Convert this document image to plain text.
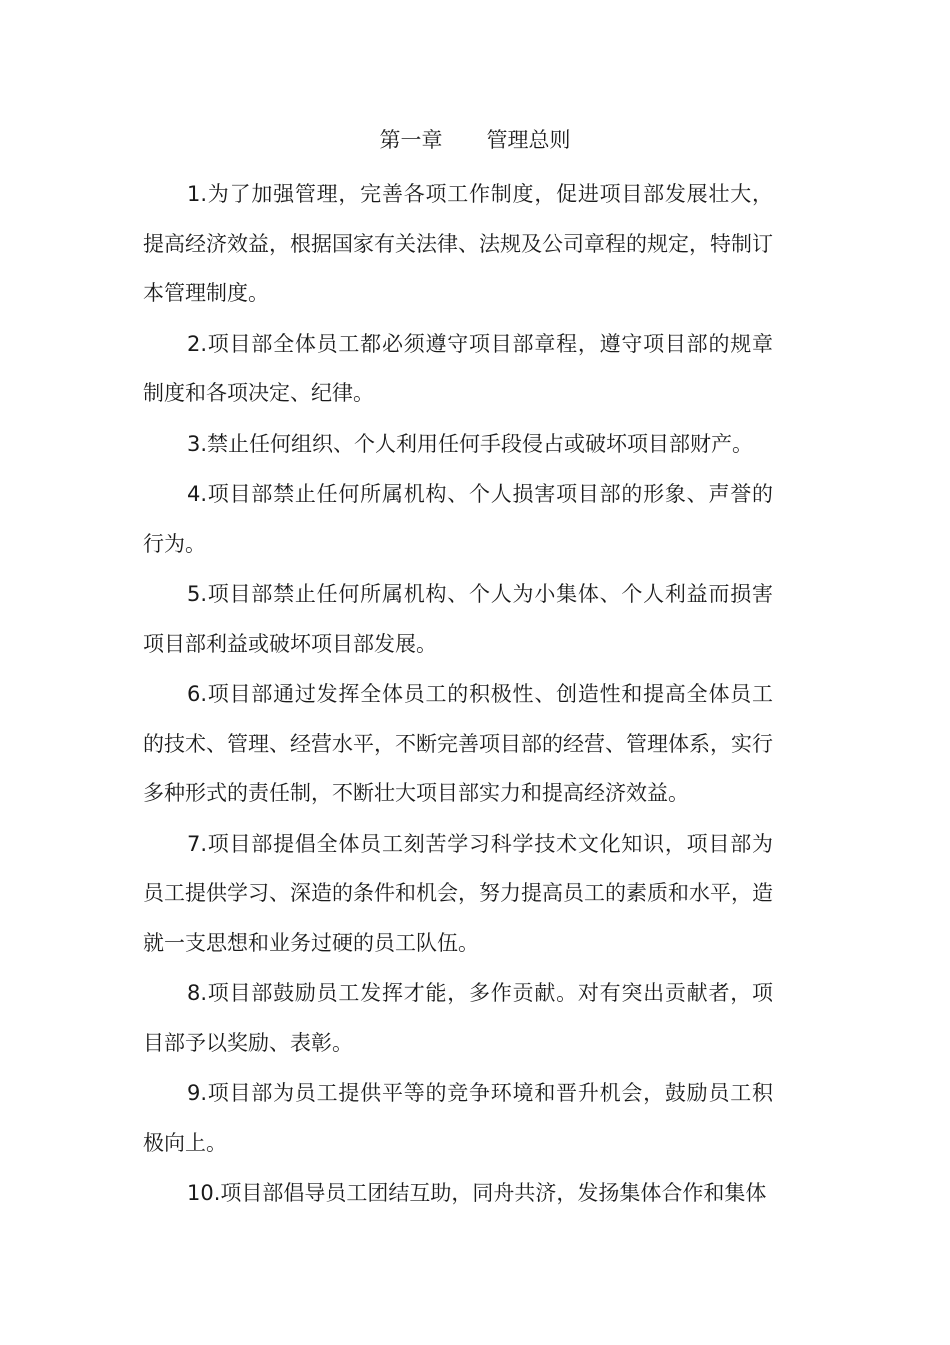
第一章 管理总则

1.为了加强管理，完善各项工作制度，促进项目部发展壮大，提高经济效益，根据国家有关法律、法规及公司章程的规定，特制订本管理制度。

2.项目部全体员工都必须遵守项目部章程，遵守项目部的规章制度和各项决定、纪律。

3.禁止任何组织、个人利用任何手段侵占或破坏项目部财产。

4.项目部禁止任何所属机构、个人损害项目部的形象、声誉的行为。

5.项目部禁止任何所属机构、个人为小集体、个人利益而损害项目部利益或破坏项目部发展。

6.项目部通过发挥全体员工的积极性、创造性和提高全体员工的技术、管理、经营水平，不断完善项目部的经营、管理体系，实行多种形式的责任制，不断壮大项目部实力和提高经济效益。

7.项目部提倡全体员工刻苦学习科学技术文化知识，项目部为员工提供学习、深造的条件和机会，努力提高员工的素质和水平，造就一支思想和业务过硬的员工队伍。

8.项目部鼓励员工发挥才能，多作贡献。对有突出贡献者，项目部予以奖励、表彰。

9.项目部为员工提供平等的竞争环境和晋升机会，鼓励员工积极向上。

10.项目部倡导员工团结互助，同舟共济，发扬集体合作和集体
